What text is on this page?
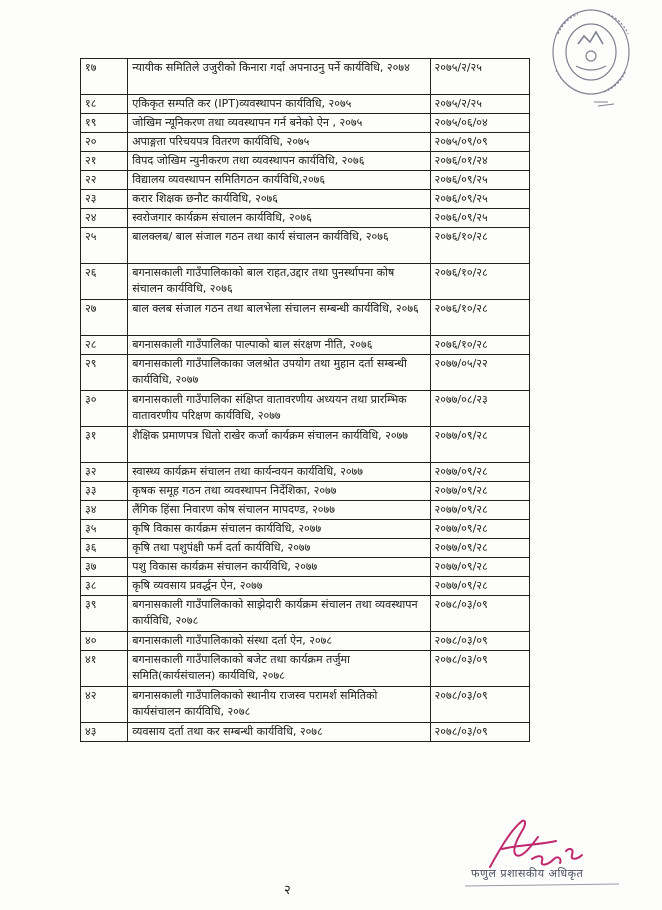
१७	न्यायीक समितिले उजुरीको किनारा गर्दा अपनाउनु पर्ने कार्यविधि, २०७४	२०७५/२/२५
१८	एकिकृत सम्पति कर (IPT)व्यवस्थापन कार्यविधि, २०७५	२०७५/२/२५
१९	जोखिम न्यूनिकरण तथा व्यवस्थापन गर्न बनेको ऐन , २०७५	२०७५/०६/०४
२०	अपाङ्गता परिचयपत्र वितरण कार्यविधि, २०७५	२०७५/०९/०९
२१	विपद जोखिम न्युनीकरण तथा व्यवस्थापन कार्यविधि, २०७६	२०७६/०१/२४
२२	विद्यालय व्यवस्थापन समितिगठन कार्यविधि,२०७६	२०७६/०९/२५
२३	करार शिक्षक छनौट कार्यविधि, २०७६	२०७६/०९/२५
२४	स्वरोजगार कार्यक्रम संचालन कार्यविधि, २०७६	२०७६/०९/२५
२५	बालक्लब/ बाल संजाल गठन तथा कार्य संचालन कार्यविधि, २०७६	२०७६/१०/२८
२६	बगनासकाली गाउँपालिकाको बाल राहत,उद्दार तथा पुनर्स्थापना कोष संचालन कार्यविधि, २०७६	२०७६/१०/२८
२७	बाल क्लब संजाल गठन तथा बालभेला संचालन सम्बन्धी कार्यविधि, २०७६	२०७६/१०/२८
२८	बगनासकाली गाउँपालिका पाल्पाको बाल संरक्षण नीति, २०७६	२०७६/१०/२८
२९	बगनासकाली गाउँपालिकाका जलश्रोत उपयोग तथा मुहान दर्ता सम्बन्धी कार्यविधि, २०७७	२०७७/०५/२२
३०	बगनासकाली गाउँपालिका संक्षिप्त वातावरणीय अध्ययन तथा प्रारम्भिक वातावरणीय परिक्षण कार्यविधि, २०७७	२०७७/०८/२३
३१	शैक्षिक प्रमाणपत्र धितो राखेर कर्जा कार्यक्रम संचालन कार्यविधि, २०७७	२०७७/०९/२८
३२	स्वास्थ्य कार्यक्रम संचालन तथा कार्यन्वयन कार्यविधि, २०७७	२०७७/०९/२८
३३	कृषक समूह गठन तथा व्यवस्थापन निर्देशिका, २०७७	२०७७/०९/२८
३४	लैंगिक हिंसा निवारण कोष संचालन मापदण्ड, २०७७	२०७७/०९/२८
३५	कृषि विकास कार्यक्रम संचालन कार्यविधि, २०७७	२०७७/०९/२८
३६	कृषि तथा पशुपंक्षी फर्म दर्ता कार्यविधि, २०७७	२०७७/०९/२८
३७	पशु विकास कार्यक्रम संचालन कार्यविधि, २०७७	२०७७/०९/२८
३८	कृषि व्यवसाय प्रवर्द्धन ऐन, २०७७	२०७७/०९/२८
३९	बगनासकाली गाउँपालिकाको साझेदारी कार्यक्रम संचालन तथा व्यवस्थापन कार्यविधि, २०७८	२०७८/०३/०९
४०	बगनासकाली गाउँपालिकाको संस्था दर्ता ऐन, २०७८	२०७८/०३/०९
४१	बगनासकाली गाउँपालिकाको बजेट तथा कार्यक्रम तर्जुमा समिति(कार्यसंचालन) कार्यविधि, २०७८	२०७८/०३/०९
४२	बगनासकाली गाउँपालिकाको स्थानीय राजस्व परामर्श समितिको कार्यसंचालन कार्यविधि, २०७८	२०७८/०३/०९
४३	व्यवसाय दर्ता तथा कर सम्बन्धी कार्यविधि, २०७८	२०७८/०३/०९
फणुल प्रशासकीय अधिकृत
२
